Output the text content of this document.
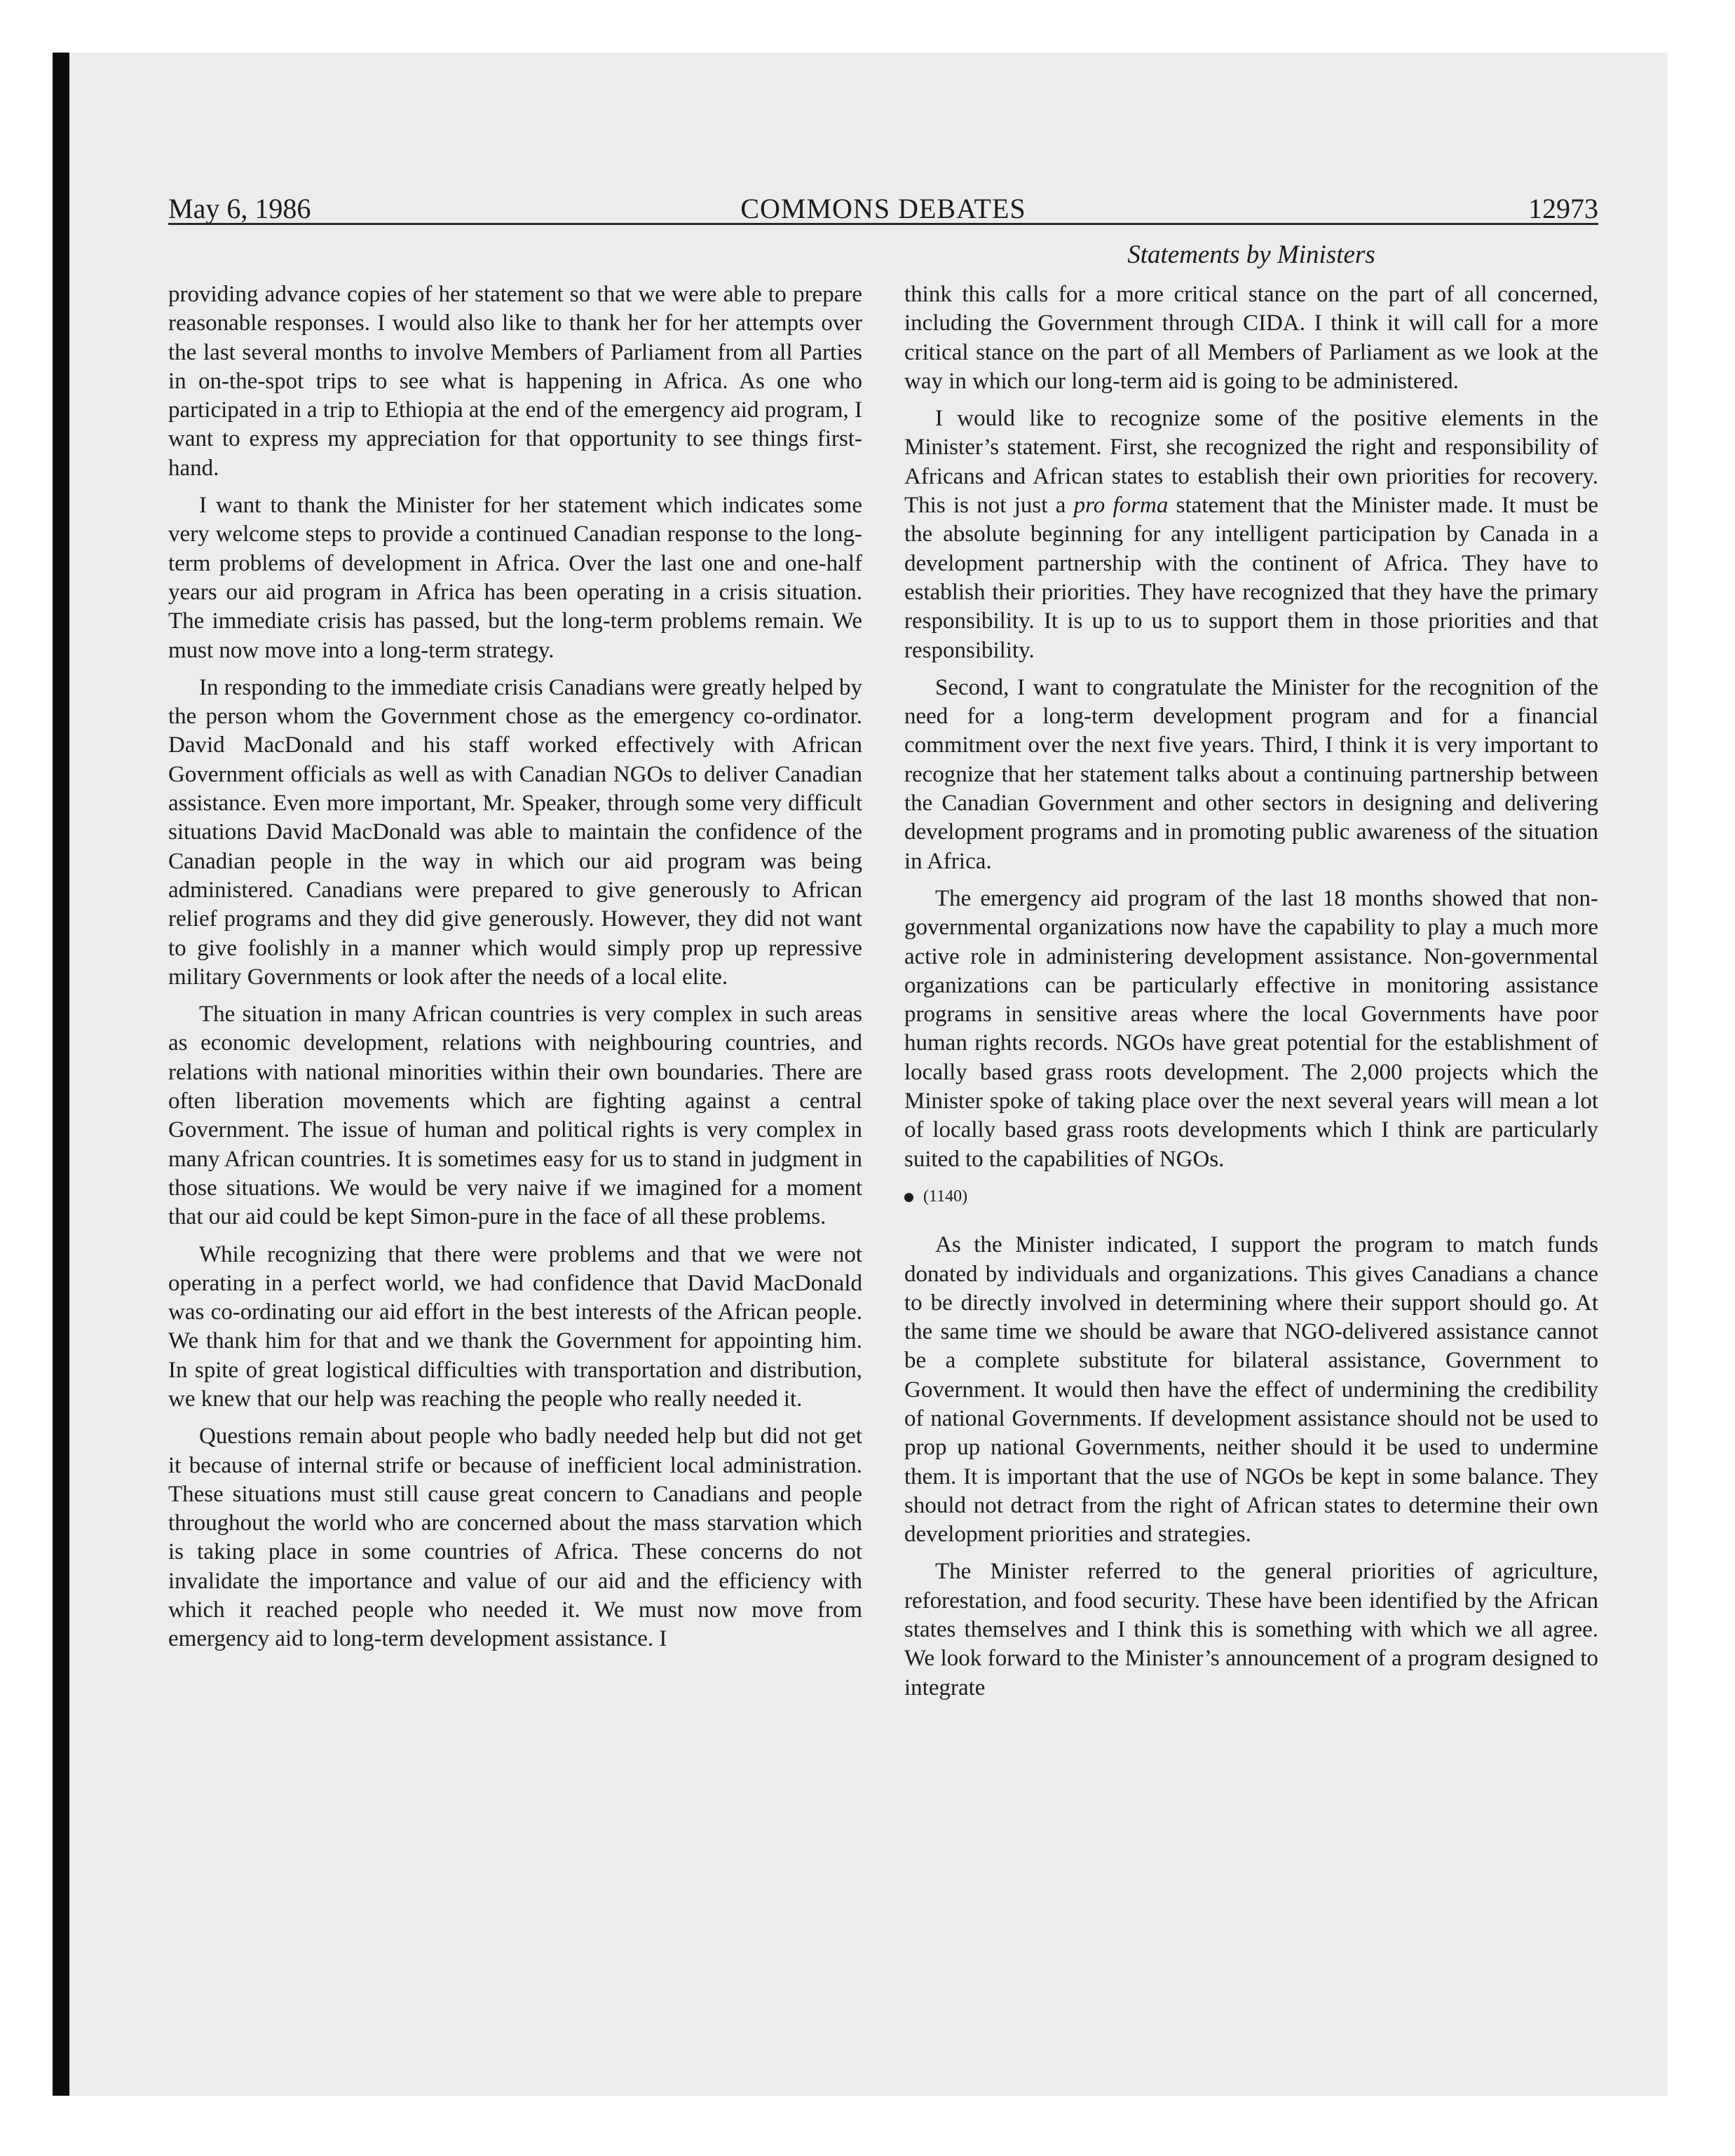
May 6, 1986	COMMONS DEBATES	12973
Statements by Ministers

providing advance copies of her statement so that we were able to prepare reasonable responses. I would also like to thank her for her attempts over the last several months to involve Members of Parliament from all Parties in on-the-spot trips to see what is happening in Africa. As one who participated in a trip to Ethiopia at the end of the emergency aid program, I want to express my appreciation for that opportunity to see things first-hand.

I want to thank the Minister for her statement which indicates some very welcome steps to provide a continued Canadian response to the long-term problems of development in Africa. Over the last one and one-half years our aid program in Africa has been operating in a crisis situation. The immediate crisis has passed, but the long-term problems remain. We must now move into a long-term strategy.

In responding to the immediate crisis Canadians were greatly helped by the person whom the Government chose as the emergency co-ordinator. David MacDonald and his staff worked effectively with African Government officials as well as with Canadian NGOs to deliver Canadian assistance. Even more important, Mr. Speaker, through some very difficult situations David MacDonald was able to maintain the confidence of the Canadian people in the way in which our aid program was being administered. Canadians were prepared to give generously to African relief programs and they did give generously. However, they did not want to give foolishly in a manner which would simply prop up repressive military Governments or look after the needs of a local elite.

The situation in many African countries is very complex in such areas as economic development, relations with neighbouring countries, and relations with national minorities within their own boundaries. There are often liberation movements which are fighting against a central Government. The issue of human and political rights is very complex in many African countries. It is sometimes easy for us to stand in judgment in those situations. We would be very naive if we imagined for a moment that our aid could be kept Simon-pure in the face of all these problems.

While recognizing that there were problems and that we were not operating in a perfect world, we had confidence that David MacDonald was co-ordinating our aid effort in the best interests of the African people. We thank him for that and we thank the Government for appointing him. In spite of great logistical difficulties with transportation and distribution, we knew that our help was reaching the people who really needed it.

Questions remain about people who badly needed help but did not get it because of internal strife or because of inefficient local administration. These situations must still cause great concern to Canadians and people throughout the world who are concerned about the mass starvation which is taking place in some countries of Africa. These concerns do not invalidate the importance and value of our aid and the efficiency with which it reached people who needed it. We must now move from emergency aid to long-term development assistance. I

think this calls for a more critical stance on the part of all concerned, including the Government through CIDA. I think it will call for a more critical stance on the part of all Members of Parliament as we look at the way in which our long-term aid is going to be administered.

I would like to recognize some of the positive elements in the Minister’s statement. First, she recognized the right and responsibility of Africans and African states to establish their own priorities for recovery. This is not just a pro forma statement that the Minister made. It must be the absolute beginning for any intelligent participation by Canada in a development partnership with the continent of Africa. They have to establish their priorities. They have recognized that they have the primary responsibility. It is up to us to support them in those priorities and that responsibility.

Second, I want to congratulate the Minister for the recognition of the need for a long-term development program and for a financial commitment over the next five years. Third, I think it is very important to recognize that her statement talks about a continuing partnership between the Canadian Government and other sectors in designing and delivering development programs and in promoting public awareness of the situation in Africa.

The emergency aid program of the last 18 months showed that non-governmental organizations now have the capability to play a much more active role in administering development assistance. Non-governmental organizations can be particularly effective in monitoring assistance programs in sensitive areas where the local Governments have poor human rights records. NGOs have great potential for the establishment of locally based grass roots development. The 2,000 projects which the Minister spoke of taking place over the next several years will mean a lot of locally based grass roots developments which I think are particularly suited to the capabilities of NGOs.

(1140)

As the Minister indicated, I support the program to match funds donated by individuals and organizations. This gives Canadians a chance to be directly involved in determining where their support should go. At the same time we should be aware that NGO-delivered assistance cannot be a complete substitute for bilateral assistance, Government to Government. It would then have the effect of undermining the credibility of national Governments. If development assistance should not be used to prop up national Governments, neither should it be used to undermine them. It is important that the use of NGOs be kept in some balance. They should not detract from the right of African states to determine their own development priorities and strategies.

The Minister referred to the general priorities of agriculture, reforestation, and food security. These have been identified by the African states themselves and I think this is something with which we all agree. We look forward to the Minister’s announcement of a program designed to integrate
